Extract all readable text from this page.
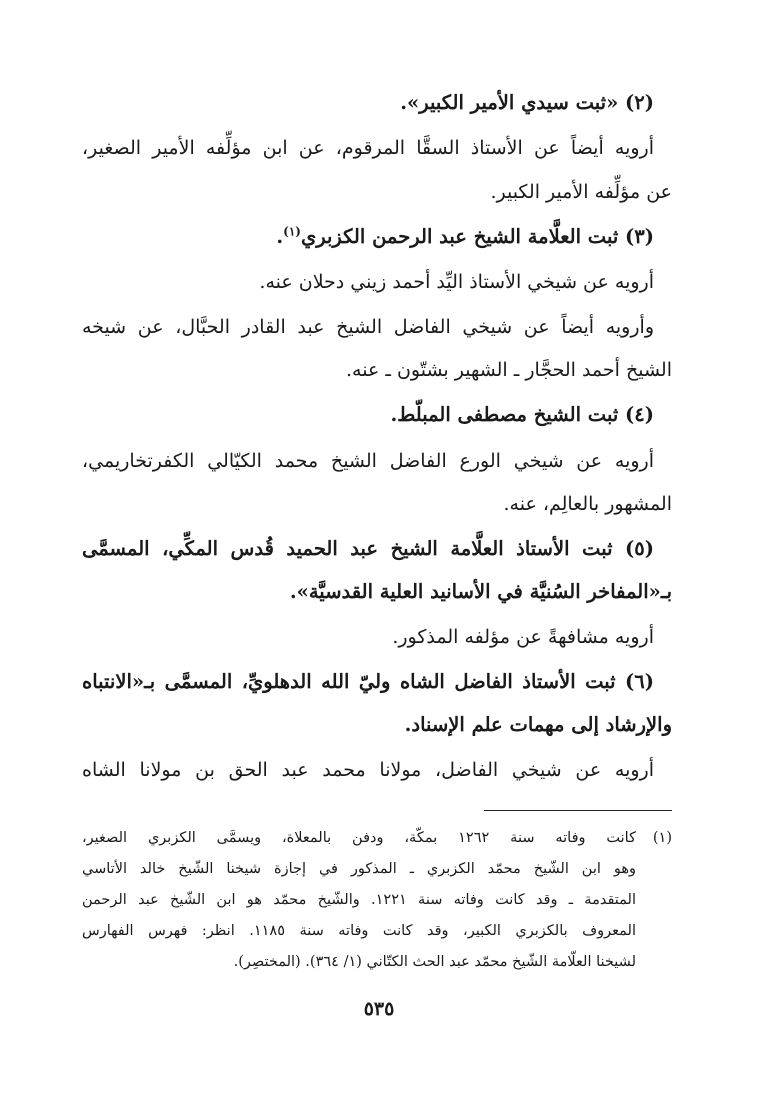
(٢) «ثبت سيدي الأمير الكبير».
أرويه أيضاً عن الأستاذ السقَّا المرقوم، عن ابن مؤلِّفه الأمير الصغير،
عن مؤلِّفه الأمير الكبير.
(٣) ثبت العلَّامة الشيخ عبد الرحمن الكزبري$^{(١)}$.
أرويه عن شيخي الأستاذ اليِّد أحمد زيني دحلان عنه.
وأرويه أيضاً عن شيخي الفاضل الشيخ عبد القادر الحبَّال، عن شيخه
الشيخ أحمد الحجَّار ـ الشهير بشتّون ـ عنه.
(٤) ثبت الشيخ مصطفى المبلّط.
أرويه عن شيخي الورع الفاضل الشيخ محمد الكيّالي الكفرتخاريمي،
المشهور بالعالِم، عنه.
(٥) ثبت الأستاذ العلَّامة الشيخ عبد الحميد قُدس المكِّي، المسمَّى
بـ«المفاخر السُنيَّة في الأسانيد العلية القدسيَّة».
أرويه مشافهةً عن مؤلفه المذكور.
(٦) ثبت الأستاذ الفاضل الشاه وليّ الله الدهلويِّ، المسمَّى بـ«الانتباه
والإرشاد إلى مهمات علم الإسناد.
أرويه عن شيخي الفاضل، مولانا محمد عبد الحق بن مولانا الشاه
(١)
كانت وفاته سنة ١٢٦٢ بمكّة، ودفن بالمعلاة، ويسمَّى الكزبري الصغير،
وهو ابن الشّيخ محمّد الكزبري ـ المذكور في إجازة شيخنا الشّيخ خالد الأتاسي
المتقدمة ـ وقد كانت وفاته سنة ١٢٢١. والشّيخ محمّد هو ابن الشّيخ عبد الرحمن
المعروف بالكزبري الكبير، وقد كانت وفاته سنة ١١٨٥. انظر: فهرس الفهارس
لشيخنا العلّامة الشّيخ محمّد عبد الحث الكتّاني (١/ ٣٦٤). (المختصِر).
٥٣٥
